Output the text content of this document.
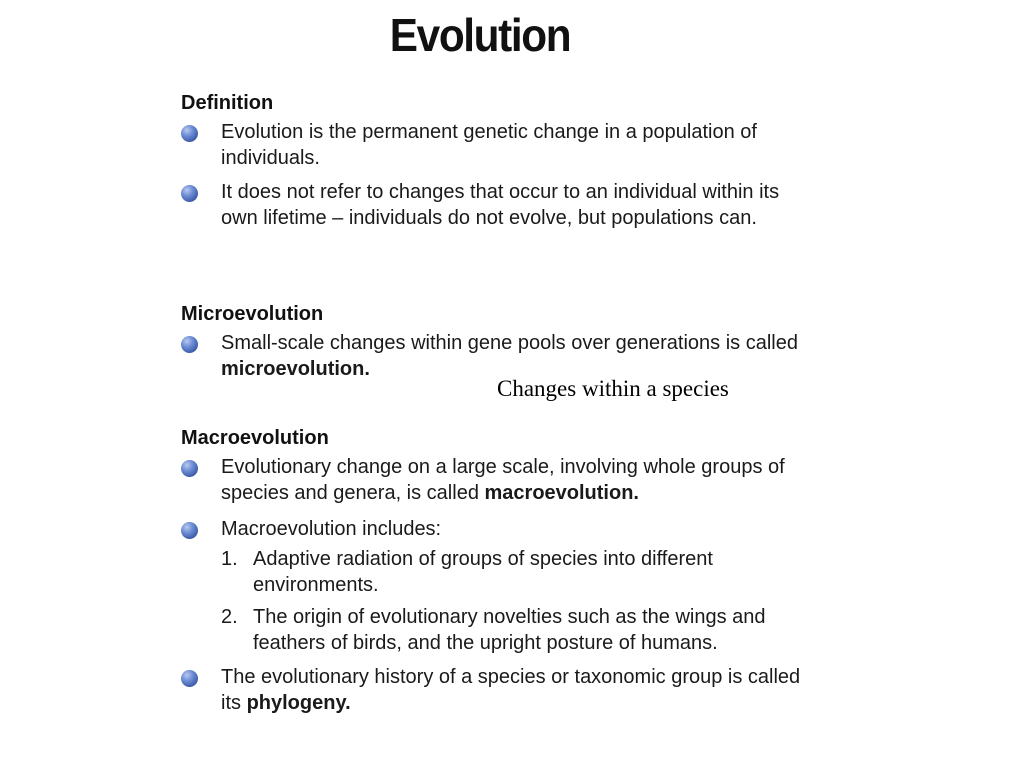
Evolution
Definition
Evolution is the permanent genetic change in a population of individuals.
It does not refer to changes that occur to an individual within its own lifetime – individuals do not evolve, but populations can.
Microevolution
Small-scale changes within gene pools over generations is called microevolution.
Changes within a species
Macroevolution
Evolutionary change on a large scale, involving whole groups of species and genera, is called macroevolution.
Macroevolution includes:
1. Adaptive radiation of groups of species into different environments.
2. The origin of evolutionary novelties such as the wings and feathers of birds, and the upright posture of humans.
The evolutionary history of a species or taxonomic group is called its phylogeny.
